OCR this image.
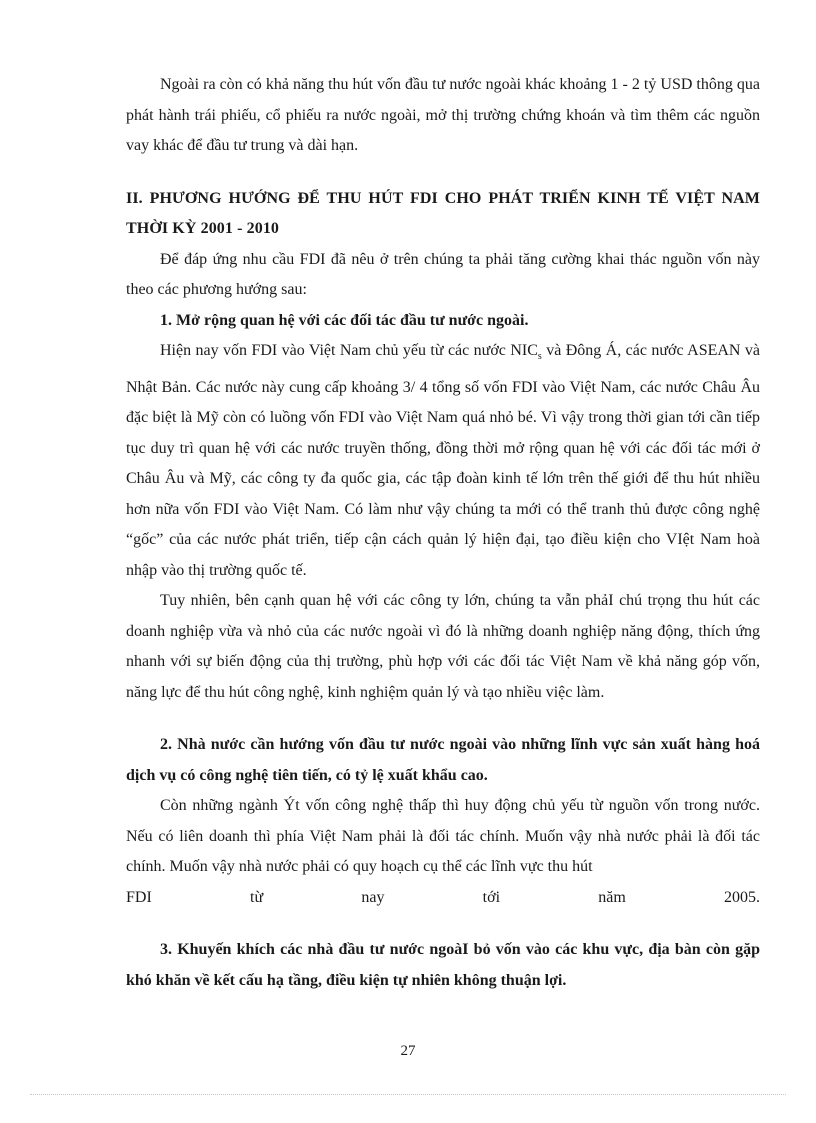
Ngoài ra còn có khả năng thu hút vốn đầu tư nước ngoài khác khoảng 1 - 2 tỷ USD thông qua phát hành trái phiếu, cổ phiếu ra nước ngoài, mở thị trường chứng khoán và tìm thêm các nguồn vay khác để đầu tư trung và dài hạn.

II. PHƯƠNG HƯỚNG ĐỂ THU HÚT FDI CHO PHÁT TRIỂN KINH TẾ VIỆT NAM THỜI KỲ 2001 - 2010

Để đáp ứng nhu cầu FDI đã nêu ở trên chúng ta phải tăng cường khai thác nguồn vốn này theo các phương hướng sau:

1. Mở rộng quan hệ với các đối tác đầu tư nước ngoài.

Hiện nay vốn FDI vào Việt Nam chủ yếu từ các nước $NIC_s$ và Đông Á, các nước ASEAN và Nhật Bản. Các nước này cung cấp khoảng 3/ 4 tổng số vốn FDI vào Việt Nam, các nước Châu Âu đặc biệt là Mỹ còn có luồng vốn FDI vào Việt Nam quá nhỏ bé. Vì vậy trong thời gian tới cần tiếp tục duy trì quan hệ với các nước truyền thống, đồng thời mở rộng quan hệ với các đối tác mới ở Châu Âu và Mỹ, các công ty đa quốc gia, các tập đoàn kinh tế lớn trên thế giới để thu hút nhiều hơn nữa vốn FDI vào Việt Nam. Có làm như vậy chúng ta mới có thể tranh thủ được công nghệ “gốc” của các nước phát triển, tiếp cận cách quản lý hiện đại, tạo điều kiện cho VIệt Nam hoà nhập vào thị trường quốc tế.

Tuy nhiên, bên cạnh quan hệ với các công ty lớn, chúng ta vẫn phảI chú trọng thu hút các doanh nghiệp vừa và nhỏ của các nước ngoài vì đó là những doanh nghiệp năng động, thích ứng nhanh với sự biến động của thị trường, phù hợp với các đối tác Việt Nam về khả năng góp vốn, năng lực để thu hút công nghệ, kinh nghiệm quản lý và tạo nhiều việc làm.

2. Nhà nước cần hướng vốn đầu tư nước ngoài vào những lĩnh vực sản xuất hàng hoá dịch vụ có công nghệ tiên tiến, có tỷ lệ xuất khẩu cao.

Còn những ngành Ýt vốn công nghệ thấp thì huy động chủ yếu từ nguồn vốn trong nước. Nếu có liên doanh thì phía Việt Nam phải là đối tác chính. Muốn vậy nhà nước phải là đối tác chính. Muốn vậy nhà nước phải có quy hoạch cụ thể các lĩnh vực thu hút

FDI từ nay tới năm 2005.

3. Khuyến khích các nhà đầu tư nước ngoàI bỏ vốn vào các khu vực, địa bàn còn gặp khó khăn về kết cấu hạ tầng, điều kiện tự nhiên không thuận lợi.

27
